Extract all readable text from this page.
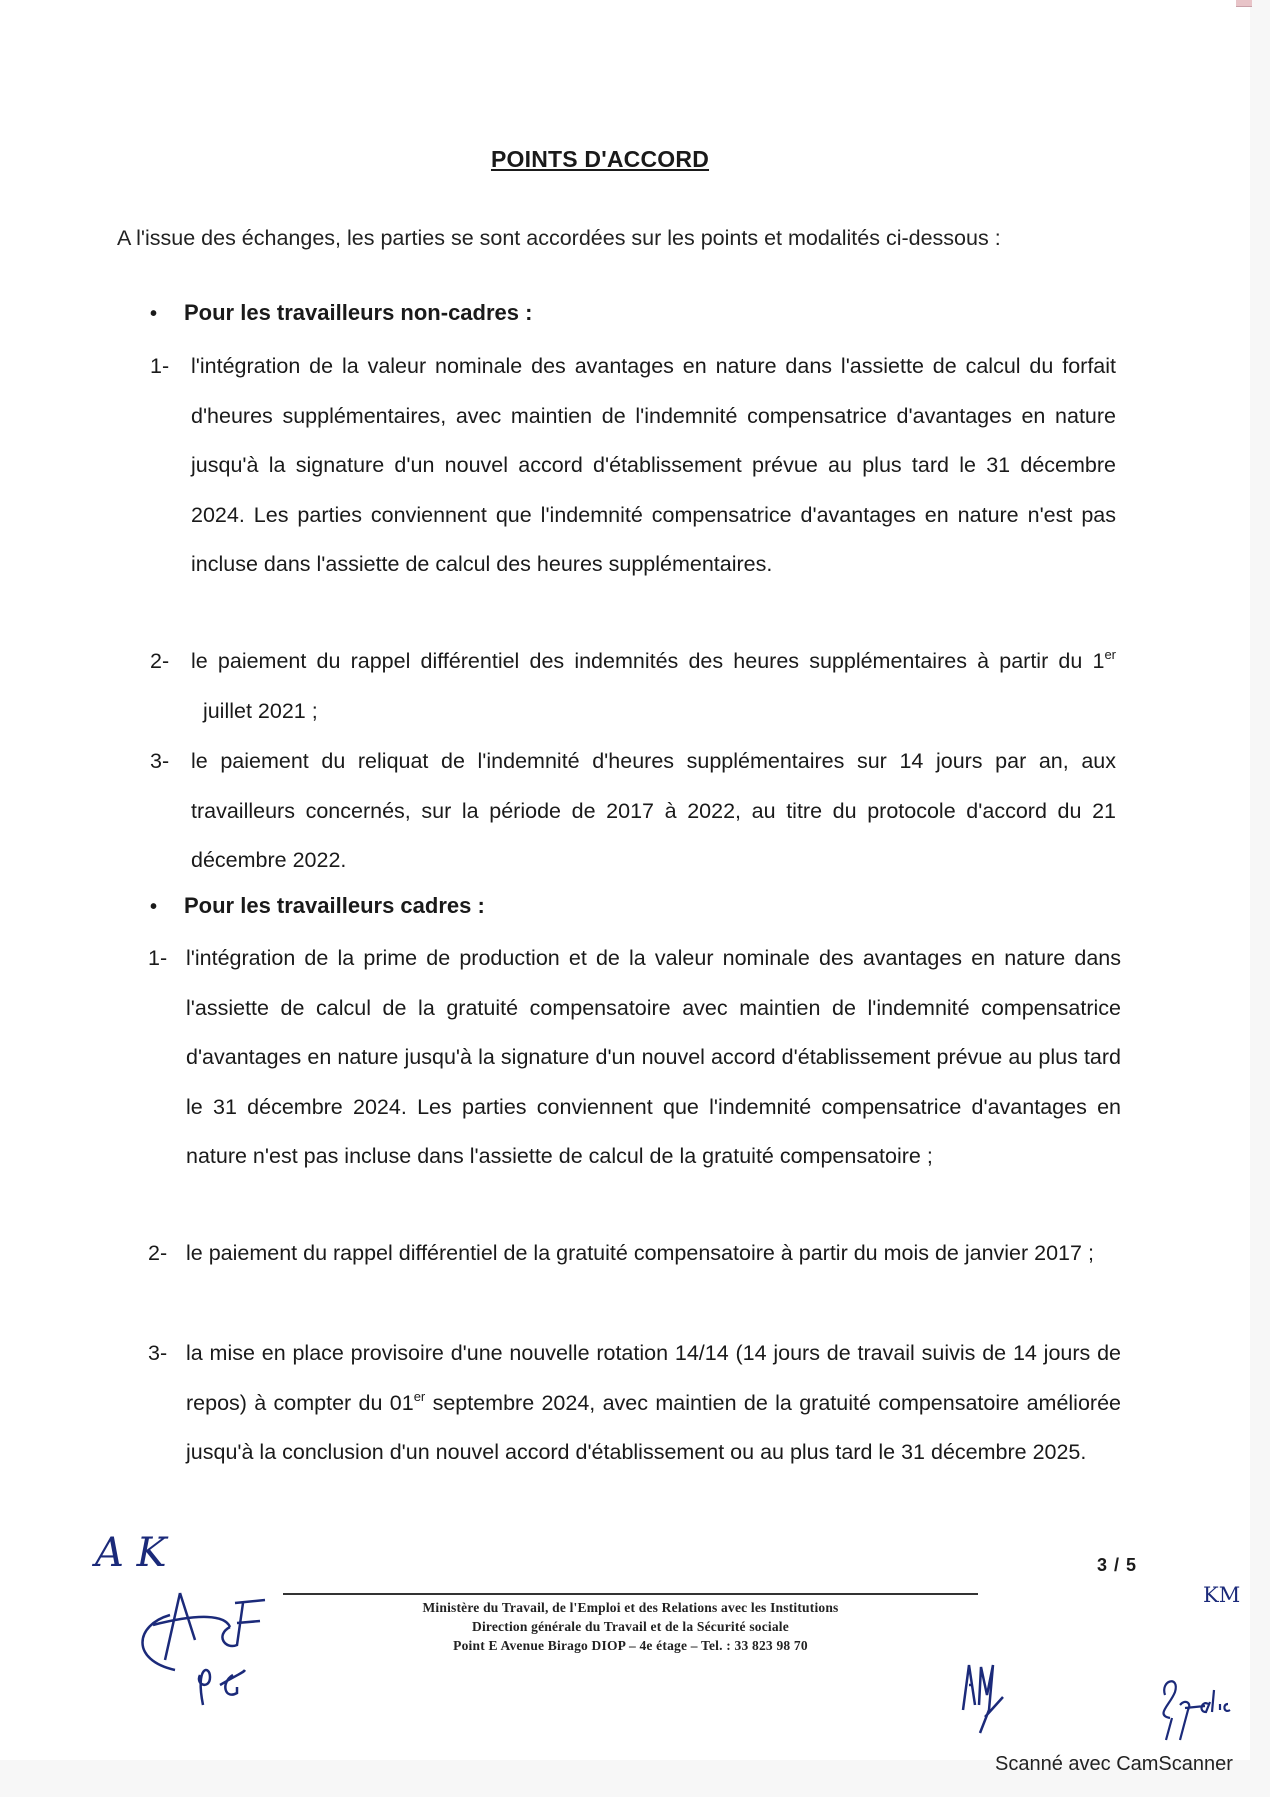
POINTS D'ACCORD
A l'issue des échanges, les parties se sont accordées sur les points et modalités ci-dessous :
• Pour les travailleurs non-cadres :
1- l'intégration de la valeur nominale des avantages en nature dans l'assiette de calcul du forfait d'heures supplémentaires, avec maintien de l'indemnité compensatrice d'avantages en nature jusqu'à la signature d'un nouvel accord d'établissement prévue au plus tard le 31 décembre 2024. Les parties conviennent que l'indemnité compensatrice d'avantages en nature n'est pas incluse dans l'assiette de calcul des heures supplémentaires.
2- le paiement du rappel différentiel des indemnités des heures supplémentaires à partir du 1er  juillet 2021 ;
3- le paiement du reliquat de l'indemnité d'heures supplémentaires sur 14 jours par an, aux travailleurs concernés, sur la période de 2017 à 2022, au titre du protocole d'accord du 21 décembre 2022.
• Pour les travailleurs cadres :
1- l'intégration de la prime de production et de la valeur nominale des avantages en nature dans l'assiette de calcul de la gratuité compensatoire avec maintien de l'indemnité compensatrice d'avantages en nature jusqu'à la signature d'un nouvel accord d'établissement prévue au plus tard le 31 décembre 2024. Les parties conviennent que l'indemnité compensatrice d'avantages en nature n'est pas incluse dans l'assiette de calcul de la gratuité compensatoire ;
2- le paiement du rappel différentiel de la gratuité compensatoire à partir du mois de janvier 2017 ;
3- la mise en place provisoire d'une nouvelle rotation 14/14 (14 jours de travail suivis de 14 jours de repos) à compter du 01er septembre 2024, avec maintien de la gratuité compensatoire améliorée jusqu'à la conclusion d'un nouvel accord d'établissement ou au plus tard le 31 décembre 2025.
3 / 5
Ministère du Travail, de l'Emploi et des Relations avec les Institutions
Direction générale du Travail et de la Sécurité sociale
Point E Avenue Birago DIOP – 4e étage – Tel. : 33 823 98 70
A K
KM
Scanné avec CamScanner
